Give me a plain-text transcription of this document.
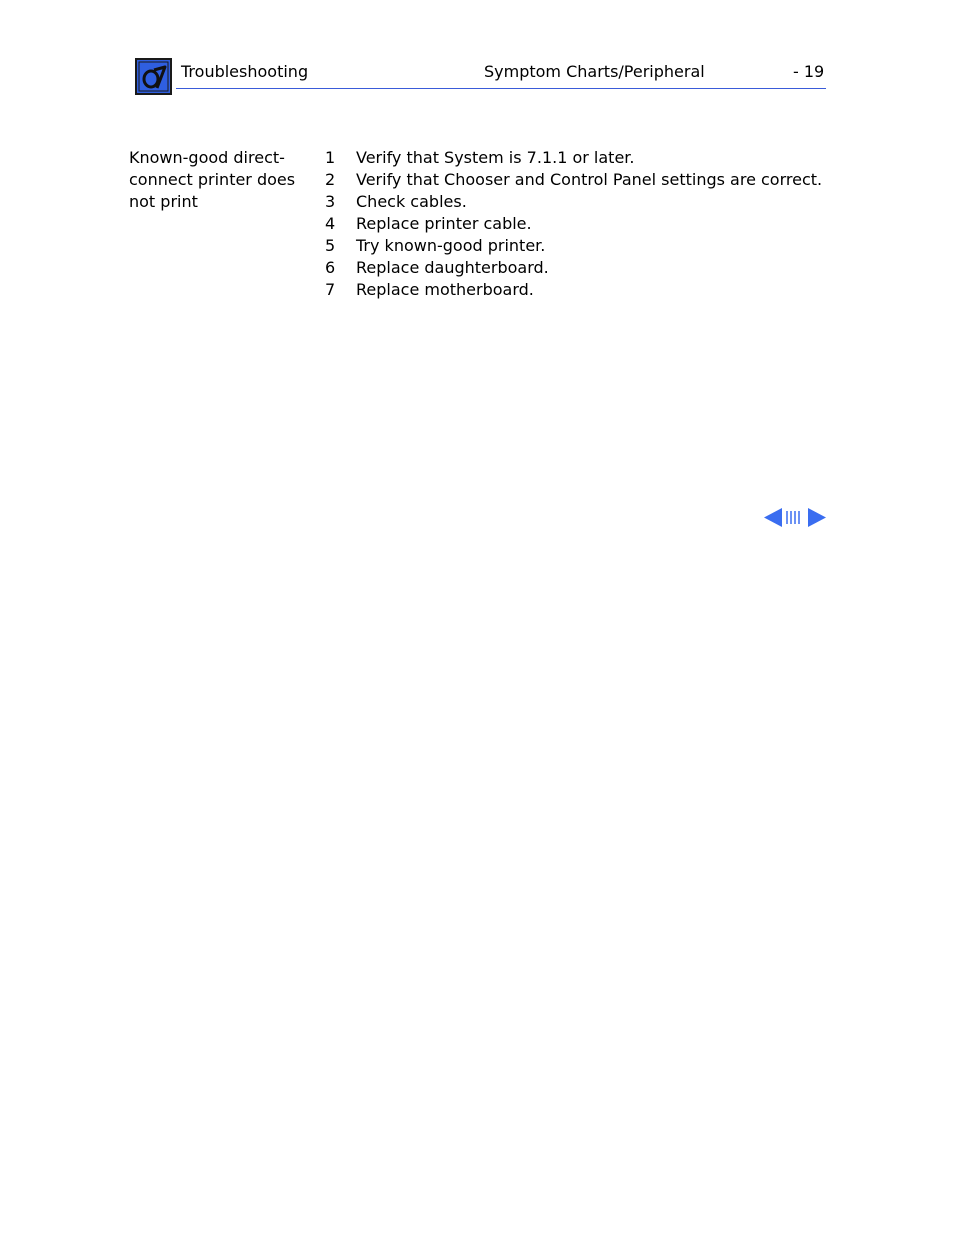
Troubleshooting	Symptom Charts/Peripheral	- 19
Known-good direct-connect printer does not print
1 Verify that System is 7.1.1 or later.
2 Verify that Chooser and Control Panel settings are correct.
3 Check cables.
4 Replace printer cable.
5 Try known-good printer.
6 Replace daughterboard.
7 Replace motherboard.
